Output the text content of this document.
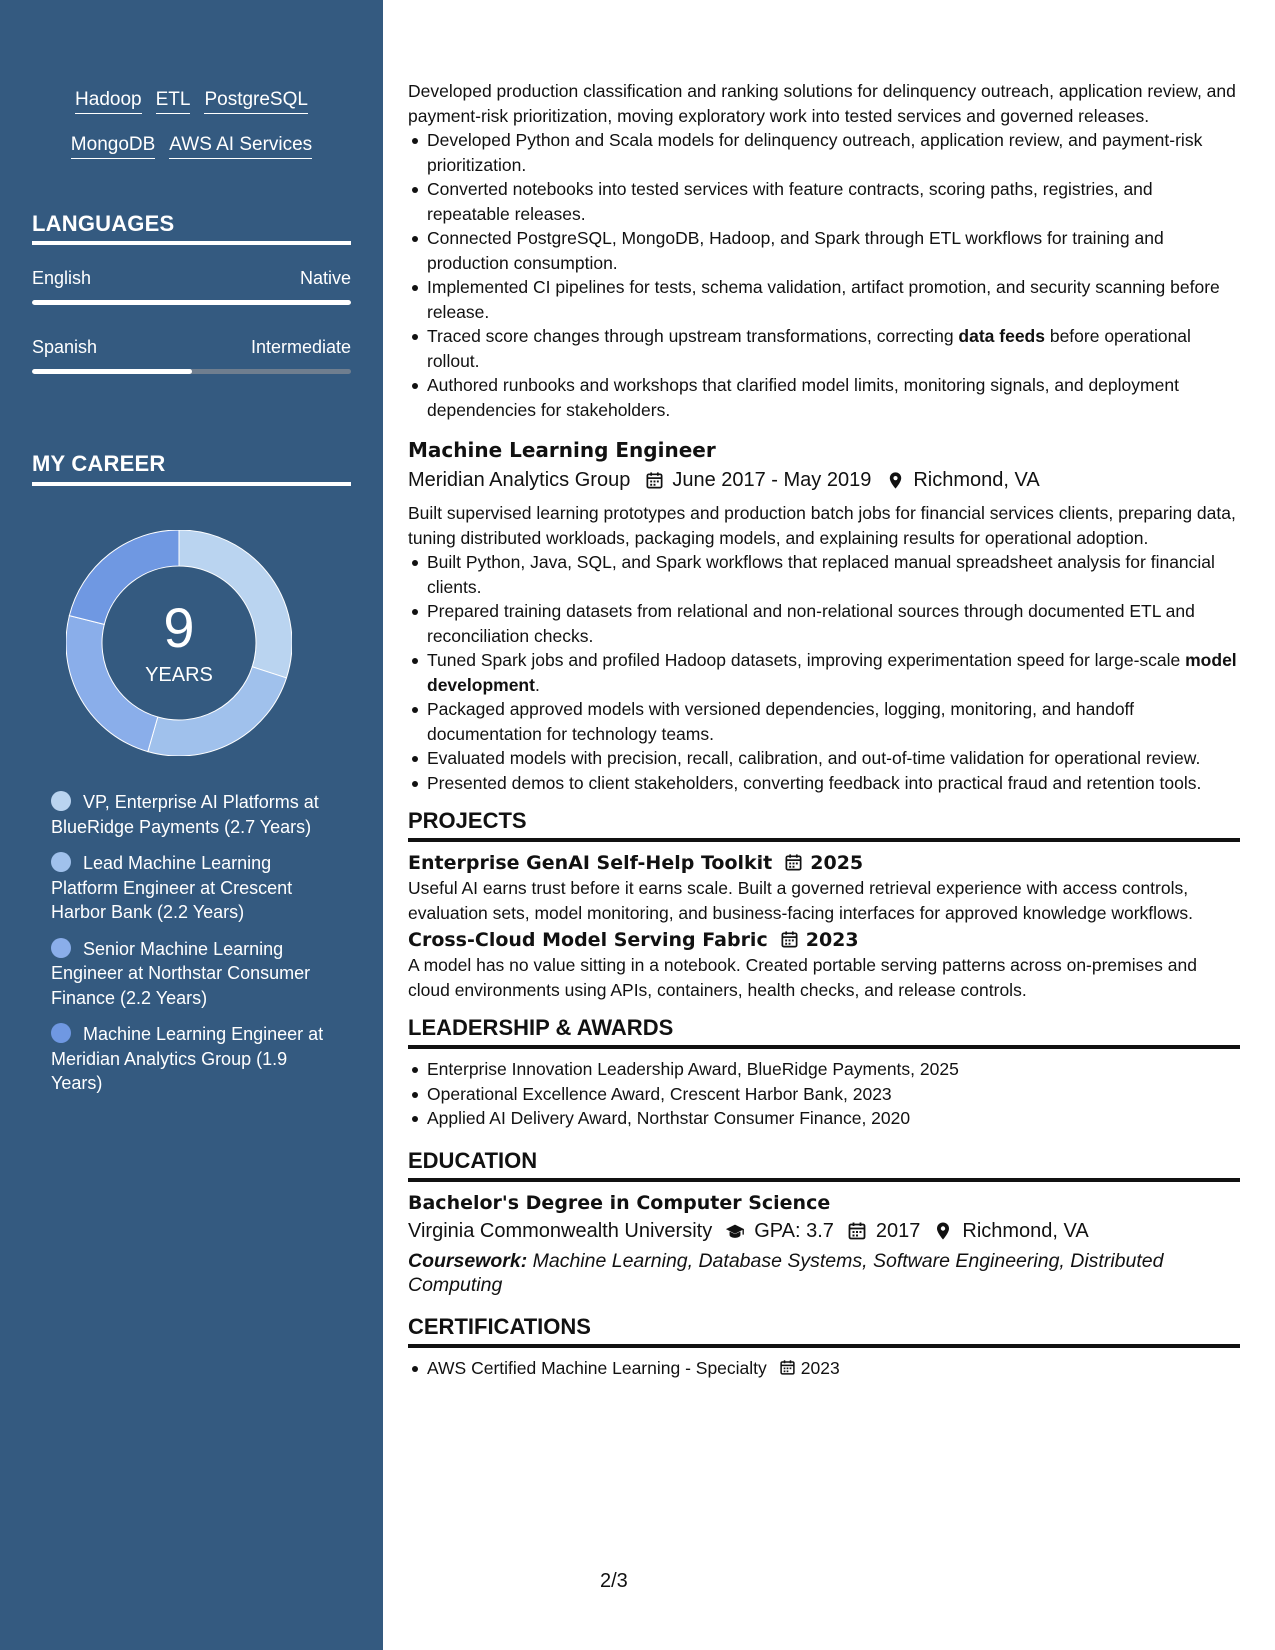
Hadoop ETL PostgreSQL
MongoDB AWS AI Services
LANGUAGES
English	Native
Spanish	Intermediate
MY CAREER
9
YEARS
VP, Enterprise AI Platforms at BlueRidge Payments (2.7 Years)
Lead Machine Learning Platform Engineer at Crescent Harbor Bank (2.2 Years)
Senior Machine Learning Engineer at Northstar Consumer Finance (2.2 Years)
Machine Learning Engineer at Meridian Analytics Group (1.9 Years)

Developed production classification and ranking solutions for delinquency outreach, application review, and payment-risk prioritization, moving exploratory work into tested services and governed releases.

Developed Python and Scala models for delinquency outreach, application review, and payment-risk prioritization.
Converted notebooks into tested services with feature contracts, scoring paths, registries, and repeatable releases.
Connected PostgreSQL, MongoDB, Hadoop, and Spark through ETL workflows for training and production consumption.
Implemented CI pipelines for tests, schema validation, artifact promotion, and security scanning before release.
Traced score changes through upstream transformations, correcting data feeds before operational rollout.
Authored runbooks and workshops that clarified model limits, monitoring signals, and deployment dependencies for stakeholders.
Machine Learning Engineer
Meridian Analytics Group June 2017 - May 2019 Richmond, VA

Built supervised learning prototypes and production batch jobs for financial services clients, preparing data, tuning distributed workloads, packaging models, and explaining results for operational adoption.

Built Python, Java, SQL, and Spark workflows that replaced manual spreadsheet analysis for financial clients.
Prepared training datasets from relational and non-relational sources through documented ETL and reconciliation checks.
Tuned Spark jobs and profiled Hadoop datasets, improving experimentation speed for large-scale model development.
Packaged approved models with versioned dependencies, logging, monitoring, and handoff documentation for technology teams.
Evaluated models with precision, recall, calibration, and out-of-time validation for operational review.
Presented demos to client stakeholders, converting feedback into practical fraud and retention tools.
PROJECTS
Enterprise GenAI Self-Help Toolkit 2025

Useful AI earns trust before it earns scale. Built a governed retrieval experience with access controls, evaluation sets, model monitoring, and business-facing interfaces for approved knowledge workflows.

Cross-Cloud Model Serving Fabric 2023

A model has no value sitting in a notebook. Created portable serving patterns across on-premises and cloud environments using APIs, containers, health checks, and release controls.

LEADERSHIP & AWARDS
Enterprise Innovation Leadership Award, BlueRidge Payments, 2025
Operational Excellence Award, Crescent Harbor Bank, 2023
Applied AI Delivery Award, Northstar Consumer Finance, 2020
EDUCATION
Bachelor's Degree in Computer Science
Virginia Commonwealth University GPA: 3.7 2017 Richmond, VA
Coursework: Machine Learning, Database Systems, Software Engineering, Distributed Computing
CERTIFICATIONS
AWS Certified Machine Learning - Specialty 2023
2/3
